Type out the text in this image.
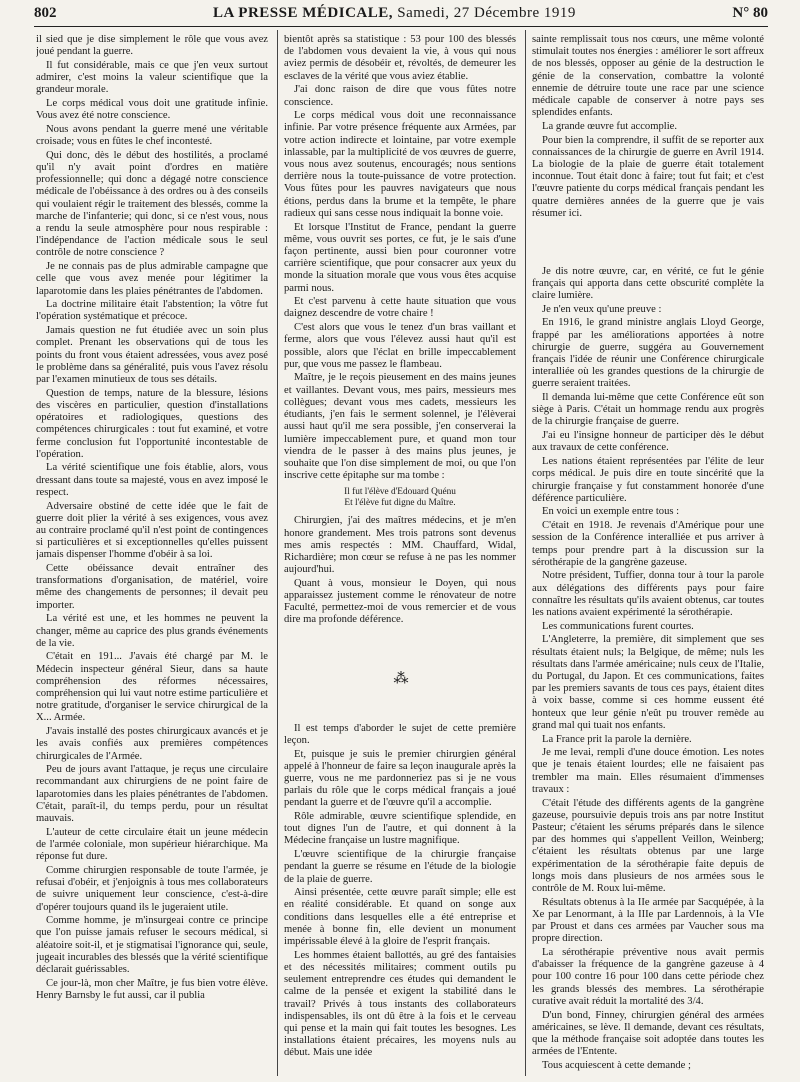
802	LA PRESSE MÉDICALE, Samedi, 27 Décembre 1919	N° 80

il sied que je dise simplement le rôle que vous avez joué pendant la guerre.

Il fut considérable, mais ce que j'en veux surtout admirer, c'est moins la valeur scientifique que la grandeur morale.

Le corps médical vous doit une gratitude infinie. Vous avez été notre conscience.

Nous avons pendant la guerre mené une véritable croisade; vous en fûtes le chef incontesté.

Qui donc, dès le début des hostilités, a proclamé qu'il n'y avait point d'ordres en matière professionnelle; qui donc a dégagé notre conscience médicale de l'obéissance à des ordres ou à des conseils qui voulaient régir le traitement des blessés, comme la marche de l'infanterie; qui donc, si ce n'est vous, nous a rendu la seule atmosphère pour nous respirable : l'indépendance de l'action médicale sous le seul contrôle de notre conscience ?

Je ne connais pas de plus admirable campagne que celle que vous avez menée pour légitimer la laparotomie dans les plaies pénétrantes de l'abdomen.

La doctrine militaire était l'abstention; la vôtre fut l'opération systématique et précoce.

Jamais question ne fut étudiée avec un soin plus complet. Prenant les observations qui de tous les points du front vous étaient adressées, vous avez posé le problème dans sa généralité, puis vous l'avez résolu par l'examen minutieux de tous ses détails.

Question de temps, nature de la blessure, lésions des viscères en particulier, question d'installations opératoires et radiologiques, questions des compétences chirurgicales : tout fut examiné, et votre ferme conclusion fut l'opportunité incontestable de l'opération.

La vérité scientifique une fois établie, alors, vous dressant dans toute sa majesté, vous en avez imposé le respect.

Adversaire obstiné de cette idée que le fait de guerre doit plier la vérité à ses exigences, vous avez au contraire proclamé qu'il n'est point de contingences si particulières et si exceptionnelles qu'elles puissent jamais dispenser l'homme d'obéir à sa loi.

Cette obéissance devait entraîner des transformations d'organisation, de matériel, voire même des changements de personnes; il devait peu importer.

La vérité est une, et les hommes ne peuvent la changer, même au caprice des plus grands événements de la vie.

C'était en 191... J'avais été chargé par M. le Médecin inspecteur général Sieur, dans sa haute compréhension des réformes nécessaires, compréhension qui lui vaut notre estime particulière et notre gratitude, d'organiser le service chirurgical de la X... Armée.

J'avais installé des postes chirurgicaux avancés et je les avais confiés aux premières compétences chirurgicales de l'Armée.

Peu de jours avant l'attaque, je reçus une circulaire recommandant aux chirurgiens de ne point faire de laparotomies dans les plaies pénétrantes de l'abdomen. C'était, paraît-il, du temps perdu, pour un résultat mauvais.

L'auteur de cette circulaire était un jeune médecin de l'armée coloniale, mon supérieur hiérarchique. Ma réponse fut dure.

Comme chirurgien responsable de toute l'armée, je refusai d'obéir, et j'enjoignis à tous mes collaborateurs de suivre uniquement leur conscience, c'est-à-dire d'opérer toujours quand ils le jugeraient utile.

Comme homme, je m'insurgeai contre ce principe que l'on puisse jamais refuser le secours médical, si aléatoire soit-il, et je stigmatisai l'ignorance qui, seule, jugeait incurables des blessés que la vérité scientifique déclarait guérissables.

Ce jour-là, mon cher Maître, je fus bien votre élève. Henry Barnsby le fut aussi, car il publia

bientôt après sa statistique : 53 pour 100 des blessés de l'abdomen vous devaient la vie, à vous qui nous aviez permis de désobéir et, révoltés, de demeurer les esclaves de la vérité que vous aviez établie.

J'ai donc raison de dire que vous fûtes notre conscience.

Le corps médical vous doit une reconnaissance infinie. Par votre présence fréquente aux Armées, par votre action indirecte et lointaine, par votre exemple inlassable, par la multiplicité de vos œuvres de guerre, vous nous avez soutenus, encouragés; nous sentions derrière nous la toute-puissance de votre protection. Vous fûtes pour les pauvres navigateurs que nous étions, perdus dans la brume et la tempête, le phare radieux qui sans cesse nous indiquait la bonne voie.

Et lorsque l'Institut de France, pendant la guerre même, vous ouvrit ses portes, ce fut, je le sais d'une façon pertinente, aussi bien pour couronner votre carrière scientifique, que pour consacrer aux yeux du monde la situation morale que vous vous êtes acquise parmi nous.

Et c'est parvenu à cette haute situation que vous daignez descendre de votre chaire !

C'est alors que vous le tenez d'un bras vaillant et ferme, alors que vous l'élevez aussi haut qu'il est possible, alors que l'éclat en brille impeccablement pur, que vous me passez le flambeau.

Maître, je le reçois pieusement en des mains jeunes et vaillantes. Devant vous, mes pairs, messieurs mes collègues; devant vous mes cadets, messieurs les étudiants, j'en fais le serment solennel, je l'élèverai aussi haut qu'il me sera possible, j'en conserverai la lumière impeccablement pure, et quand mon tour viendra de le passer à des mains plus jeunes, je souhaite que l'on dise simplement de moi, ou que l'on inscrive cette épitaphe sur ma tombe :

Il fut l'élève d'Edouard Quénu
Et l'élève fut digne du Maître.

Chirurgien, j'ai des maîtres médecins, et je m'en honore grandement. Mes trois patrons sont devenus mes amis respectés : MM. Chauffard, Widal, Richardière; mon cœur se refuse à ne pas les nommer aujourd'hui.

Quant à vous, monsieur le Doyen, qui nous apparaissez justement comme le rénovateur de notre Faculté, permettez-moi de vous remercier et de vous dire ma profonde déférence.

⁂

Il est temps d'aborder le sujet de cette première leçon.

Et, puisque je suis le premier chirurgien général appelé à l'honneur de faire sa leçon inaugurale après la guerre, vous ne me pardonneriez pas si je ne vous parlais du rôle que le corps médical français a joué pendant la guerre et de l'œuvre qu'il a accomplie.

Rôle admirable, œuvre scientifique splendide, en tout dignes l'un de l'autre, et qui donnent à la Médecine française un lustre magnifique.

L'œuvre scientifique de la chirurgie française pendant la guerre se résume en l'étude de la biologie de la plaie de guerre.

Ainsi présentée, cette œuvre paraît simple; elle est en réalité considérable. Et quand on songe aux conditions dans lesquelles elle a été entreprise et menée à bonne fin, elle devient un monument impérissable élevé à la gloire de l'esprit français.

Les hommes étaient ballottés, au gré des fantaisies et des nécessités militaires; comment outils pu seulement entreprendre ces études qui demandent le calme de la pensée et exigent la stabilité dans le travail? Privés à tous instants des collaborateurs indispensables, ils ont dû être à la fois et le cerveau qui pense et la main qui fait toutes les besognes. Les installations étaient précaires, les moyens nuls au début. Mais une idée

sainte remplissait tous nos cœurs, une même volonté stimulait toutes nos énergies : améliorer le sort affreux de nos blessés, opposer au génie de la destruction le génie de la conservation, combattre la volonté ennemie de détruire toute une race par une science médicale capable de conserver à notre pays ses splendides enfants.

La grande œuvre fut accomplie.

Pour bien la comprendre, il suffit de se reporter aux connaissances de la chirurgie de guerre en Avril 1914. La biologie de la plaie de guerre était totalement inconnue. Tout était donc à faire; tout fut fait; et c'est l'œuvre patiente du corps médical français pendant les quatre dernières années de la guerre que je vais résumer ici.

Je dis notre œuvre, car, en vérité, ce fut le génie français qui apporta dans cette obscurité complète la claire lumière.

Je n'en veux qu'une preuve :

En 1916, le grand ministre anglais Lloyd George, frappé par les améliorations apportées à notre chirurgie de guerre, suggéra au Gouvernement français l'idée de réunir une Conférence chirurgicale interalliée où les grandes questions de la chirurgie de guerre seraient traitées.

Il demanda lui-même que cette Conférence eût son siège à Paris. C'était un hommage rendu aux progrès de la chirurgie française de guerre.

J'ai eu l'insigne honneur de participer dès le début aux travaux de cette conférence.

Les nations étaient représentées par l'élite de leur corps médical. Je puis dire en toute sincérité que la chirurgie française y fut constamment honorée d'une déférence particulière.

En voici un exemple entre tous :

C'était en 1918. Je revenais d'Amérique pour une session de la Conférence interalliée et pus arriver à temps pour prendre part à la discussion sur la sérothérapie de la gangrène gazeuse.

Notre président, Tuffier, donna tour à tour la parole aux délégations des différents pays pour faire connaître les résultats qu'ils avaient obtenus, car toutes les nations avaient expérimenté la sérothérapie.

Les communications furent courtes.

L'Angleterre, la première, dit simplement que ses résultats étaient nuls; la Belgique, de même; nuls les résultats dans l'armée américaine; nuls ceux de l'Italie, du Portugal, du Japon. Et ces communications, faites par les premiers savants de tous ces pays, étaient dites à voix basse, comme si ces homme eussent été honteux que leur génie n'eût pu trouver remède au grand mal qui tuait nos enfants.

La France prit la parole la dernière.

Je me levai, rempli d'une douce émotion. Les notes que je tenais étaient lourdes; elle ne faisaient pas trembler ma main. Elles résumaient d'immenses travaux :

C'était l'étude des différents agents de la gangrène gazeuse, poursuivie depuis trois ans par notre Institut Pasteur; c'étaient les sérums préparés dans le silence par des hommes qui s'appellent Veillon, Weinberg; c'étaient les résultats obtenus par une large expérimentation de la sérothérapie faite depuis de longs mois dans plusieurs de nos armées sous le contrôle de M. Roux lui-même.

Résultats obtenus à la IIe armée par Sacquépée, à la Xe par Lenormant, à la IIIe par Lardennois, à la VIe par Proust et dans ces armées par Vaucher sous ma propre direction.

La sérothérapie préventive nous avait permis d'abaisser la fréquence de la gangrène gazeuse à 4 pour 100 contre 16 pour 100 dans cette période chez les grands blessés des membres. La sérothérapie curative avait réduit la mortalité des 3/4.

D'un bond, Finney, chirurgien général des armées américaines, se lève. Il demande, devant ces résultats, que la méthode française soit adoptée dans toutes les armées de l'Entente.

Tous acquiescent à cette demande ;
